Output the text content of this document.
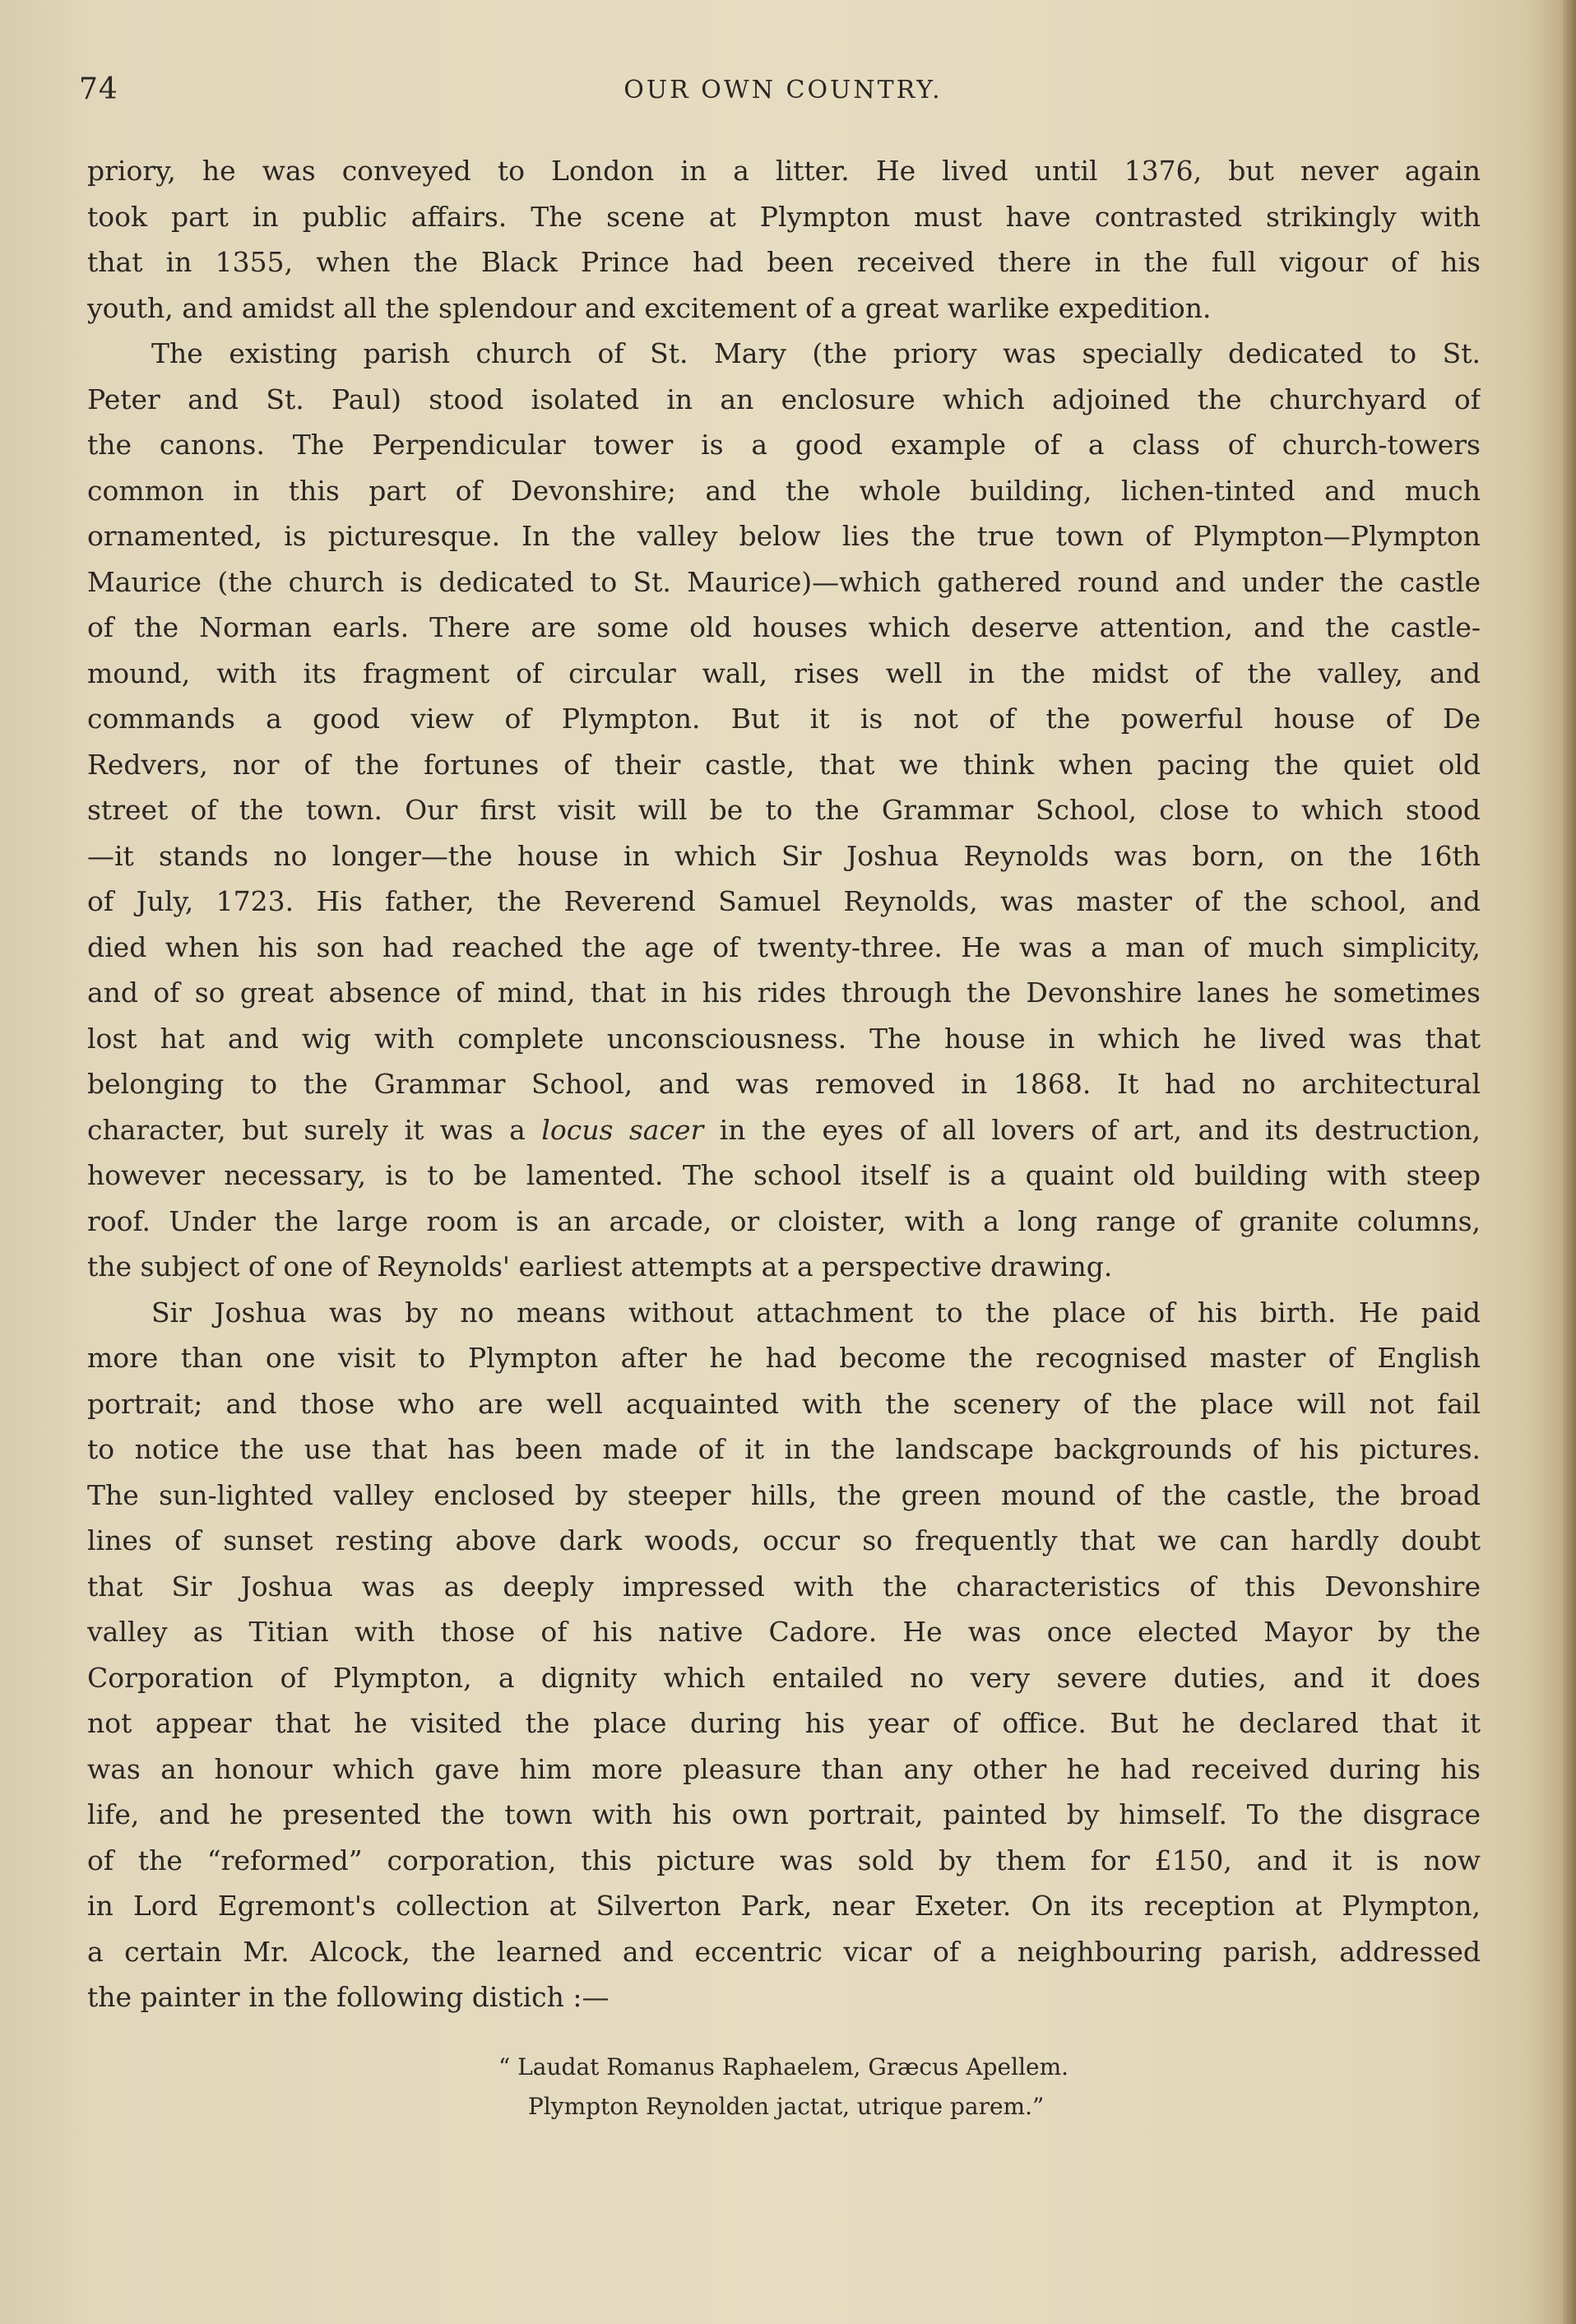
74	OUR OWN COUNTRY.
priory, he was conveyed to London in a litter. He lived until 1376, but never again
took part in public affairs. The scene at Plympton must have contrasted strikingly with
that in 1355, when the Black Prince had been received there in the full vigour of his
youth, and amidst all the splendour and excitement of a great warlike expedition.
The existing parish church of St. Mary (the priory was specially dedicated to St.
Peter and St. Paul) stood isolated in an enclosure which adjoined the churchyard of
the canons. The Perpendicular tower is a good example of a class of church-towers
common in this part of Devonshire; and the whole building, lichen-tinted and much
ornamented, is picturesque. In the valley below lies the true town of Plympton—Plympton
Maurice (the church is dedicated to St. Maurice)—which gathered round and under the castle
of the Norman earls. There are some old houses which deserve attention, and the castle-
mound, with its fragment of circular wall, rises well in the midst of the valley, and
commands a good view of Plympton. But it is not of the powerful house of De
Redvers, nor of the fortunes of their castle, that we think when pacing the quiet old
street of the town. Our first visit will be to the Grammar School, close to which stood
—it stands no longer—the house in which Sir Joshua Reynolds was born, on the 16th
of July, 1723. His father, the Reverend Samuel Reynolds, was master of the school, and
died when his son had reached the age of twenty-three. He was a man of much simplicity,
and of so great absence of mind, that in his rides through the Devonshire lanes he sometimes
lost hat and wig with complete unconsciousness. The house in which he lived was that
belonging to the Grammar School, and was removed in 1868. It had no architectural
character, but surely it was a locus sacer in the eyes of all lovers of art, and its destruction,
however necessary, is to be lamented. The school itself is a quaint old building with steep
roof. Under the large room is an arcade, or cloister, with a long range of granite columns,
the subject of one of Reynolds' earliest attempts at a perspective drawing.
Sir Joshua was by no means without attachment to the place of his birth. He paid
more than one visit to Plympton after he had become the recognised master of English
portrait; and those who are well acquainted with the scenery of the place will not fail
to notice the use that has been made of it in the landscape backgrounds of his pictures.
The sun-lighted valley enclosed by steeper hills, the green mound of the castle, the broad
lines of sunset resting above dark woods, occur so frequently that we can hardly doubt
that Sir Joshua was as deeply impressed with the characteristics of this Devonshire
valley as Titian with those of his native Cadore. He was once elected Mayor by the
Corporation of Plympton, a dignity which entailed no very severe duties, and it does
not appear that he visited the place during his year of office. But he declared that it
was an honour which gave him more pleasure than any other he had received during his
life, and he presented the town with his own portrait, painted by himself. To the disgrace
of the “reformed” corporation, this picture was sold by them for £150, and it is now
in Lord Egremont's collection at Silverton Park, near Exeter. On its reception at Plympton,
a certain Mr. Alcock, the learned and eccentric vicar of a neighbouring parish, addressed
the painter in the following distich :—
“ Laudat Romanus Raphaelem, Græcus Apellem.
Plympton Reynolden jactat, utrique parem.”
